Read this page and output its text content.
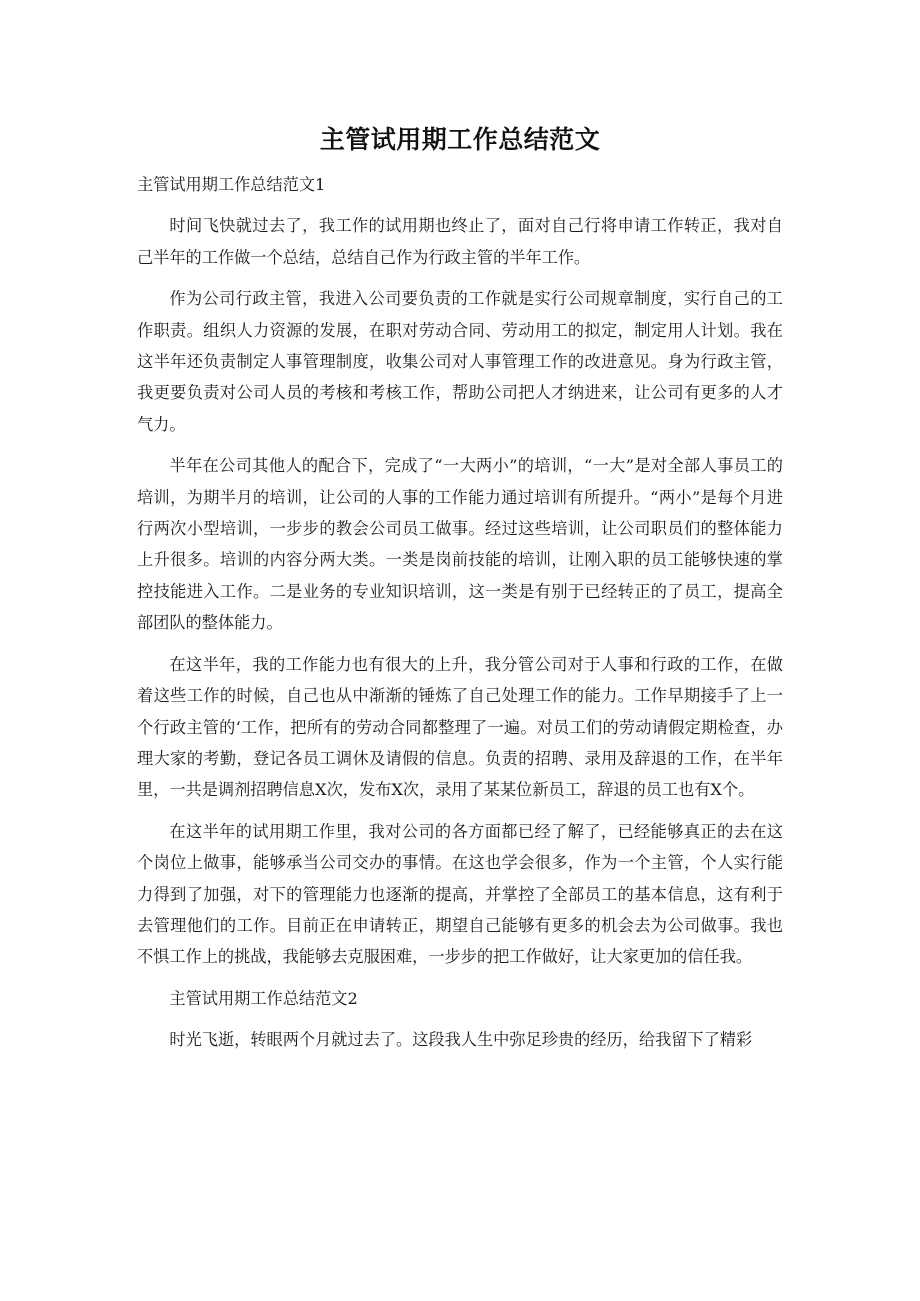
主管试用期工作总结范文

主管试用期工作总结范文1

时间飞快就过去了，我工作的试用期也终止了，面对自己行将申请工作转正，我对自己半年的工作做一个总结，总结自己作为行政主管的半年工作。

作为公司行政主管，我进入公司要负责的工作就是实行公司规章制度，实行自己的工作职责。组织人力资源的发展，在职对劳动合同、劳动用工的拟定，制定用人计划。我在这半年还负责制定人事管理制度，收集公司对人事管理工作的改进意见。身为行政主管，我更要负责对公司人员的考核和考核工作，帮助公司把人才纳进来，让公司有更多的人才气力。

半年在公司其他人的配合下，完成了“一大两小”的培训，“一大”是对全部人事员工的培训，为期半月的培训，让公司的人事的工作能力通过培训有所提升。“两小”是每个月进行两次小型培训，一步步的教会公司员工做事。经过这些培训，让公司职员们的整体能力上升很多。培训的内容分两大类。一类是岗前技能的培训，让刚入职的员工能够快速的掌控技能进入工作。二是业务的专业知识培训，这一类是有别于已经转正的了员工，提高全部团队的整体能力。

在这半年，我的工作能力也有很大的上升，我分管公司对于人事和行政的工作，在做着这些工作的时候，自己也从中渐渐的锤炼了自己处理工作的能力。工作早期接手了上一个行政主管的‘工作，把所有的劳动合同都整理了一遍。对员工们的劳动请假定期检查，办理大家的考勤，登记各员工调休及请假的信息。负责的招聘、录用及辞退的工作，在半年里，一共是调剂招聘信息X次，发布X次，录用了某某位新员工，辞退的员工也有X个。

在这半年的试用期工作里，我对公司的各方面都已经了解了，已经能够真正的去在这个岗位上做事，能够承当公司交办的事情。在这也学会很多，作为一个主管，个人实行能力得到了加强，对下的管理能力也逐渐的提高，并掌控了全部员工的基本信息，这有利于去管理他们的工作。目前正在申请转正，期望自己能够有更多的机会去为公司做事。我也不惧工作上的挑战，我能够去克服困难，一步步的把工作做好，让大家更加的信任我。

主管试用期工作总结范文2

时光飞逝，转眼两个月就过去了。这段我人生中弥足珍贵的经历，给我留下了精彩
